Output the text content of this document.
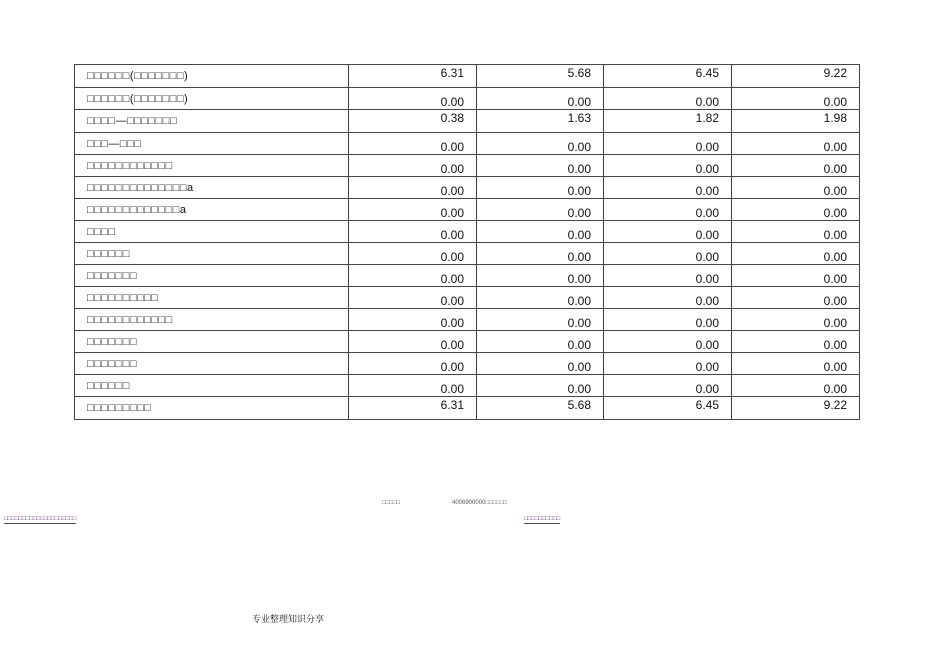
□□□□□□(□□□□□□□)	6.31	5.68	6.45	9.22
□□□□□□(□□□□□□□)	0.00	0.00	0.00	0.00
□□□□—□□□□□□□	0.38	1.63	1.82	1.98
□□□—□□□	0.00	0.00	0.00	0.00
□□□□□□□□□□□□	0.00	0.00	0.00	0.00
□□□□□□□□□□□□□□a	0.00	0.00	0.00	0.00
□□□□□□□□□□□□□a	0.00	0.00	0.00	0.00
□□□□	0.00	0.00	0.00	0.00
□□□□□□	0.00	0.00	0.00	0.00
□□□□□□□	0.00	0.00	0.00	0.00
□□□□□□□□□□	0.00	0.00	0.00	0.00
□□□□□□□□□□□□	0.00	0.00	0.00	0.00
□□□□□□□	0.00	0.00	0.00	0.00
□□□□□□□	0.00	0.00	0.00	0.00
□□□□□□	0.00	0.00	0.00	0.00
□□□□□□□□□	6.31	5.68	6.45	9.22
□□□□□	4006900000□□□□□□
□□□□□□□□□□□□□□□□□□□□	□□□□□□□□□□
专业整理知识分享
